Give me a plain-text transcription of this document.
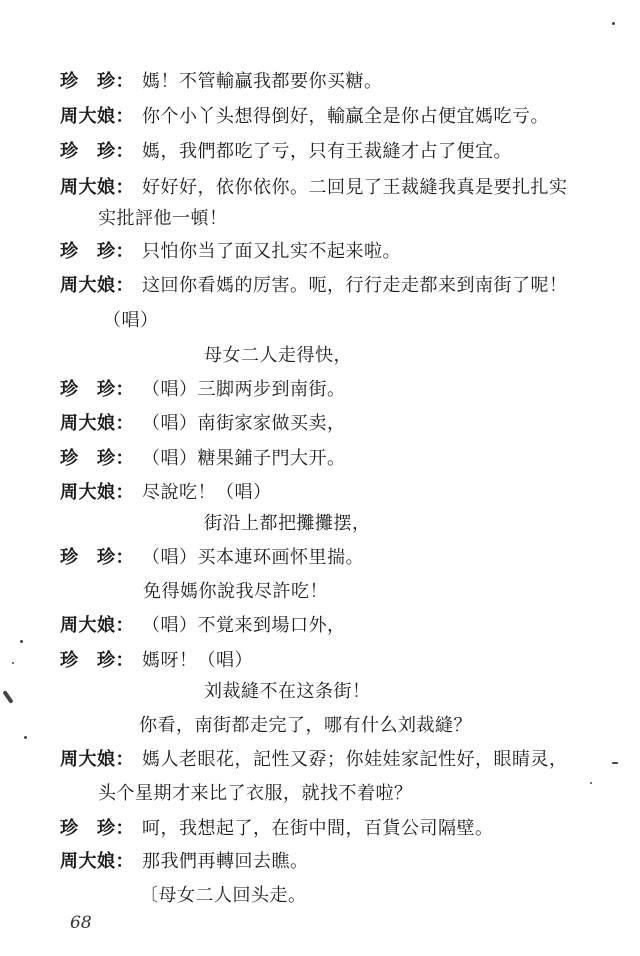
珍　珍： 媽！不管輸贏我都要你买糖。
周大娘： 你个小丫头想得倒好，輸贏全是你占便宜媽吃亏。
珍　珍： 媽，我們都吃了亏，只有王裁縫才占了便宜。
周大娘： 好好好，依你依你。二回見了王裁縫我真是要扎扎实
实批評他一頓！
珍　珍： 只怕你当了面又扎实不起来啦。
周大娘： 这回你看媽的厉害。呃，行行走走都来到南街了呢！
（唱）
母女二人走得快，
珍　珍： （唱）三脚两步到南街。
周大娘： （唱）南街家家做买卖，
珍　珍： （唱）糖果鋪子門大开。
周大娘： 尽說吃！（唱）
街沿上都把攤攤摆，
珍　珍： （唱）买本連环画怀里揣。
免得媽你說我尽許吃！
周大娘： （唱）不覚来到場口外，
珍　珍： 媽呀！（唱）
刘裁縫不在这条街！
你看，南街都走完了，哪有什么刘裁縫？
周大娘： 媽人老眼花，記性又孬；你娃娃家記性好，眼睛灵，
头个星期才来比了衣服，就找不着啦？
珍　珍： 呵，我想起了，在街中間，百貨公司隔壁。
周大娘： 那我們再轉回去瞧。
〔母女二人回头走。
68
